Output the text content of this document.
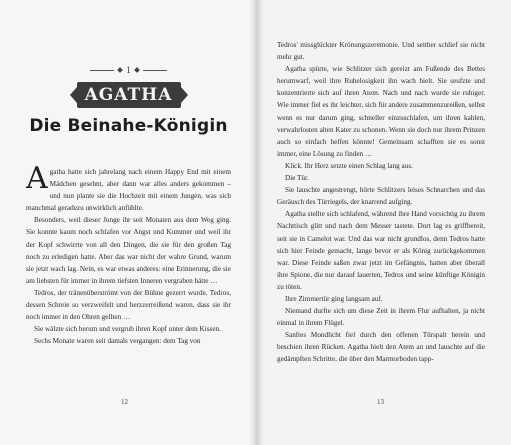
1
AGATHA
Die Beinahe-Königin

Agatha hatte sich jahrelang nach einem Happy End mit einem Mädchen gesehnt, aber dann war alles anders gekommen – und nun plante sie die Hochzeit mit einem Jungen, was sich manchmal geradezu unwirklich anfühlte.

Besonders, weil dieser Junge ihr seit Monaten aus dem Weg ging. Sie konnte kaum noch schlafen vor Angst und Kummer und weil ihr der Kopf schwirrte von all den Dingen, die sie für den großen Tag noch zu erledigen hatte. Aber das war nicht der wahre Grund, warum sie jetzt wach lag. Nein, es war etwas anderes: eine Erinnerung, die sie am liebsten für immer in ihrem tiefsten Inneren vergraben hätte …

Tedros, der tränenüberströmt von der Bühne gezerrt wurde. Tedros, dessen Schreie so verzweifelt und herzzerreißend waren, dass sie ihr noch immer in den Ohren gellten …

Sie wälzte sich herum und vergrub ihren Kopf unter dem Kissen.

Sechs Monate waren seit damals vergangen: dem Tag von

12

Tedros' missglückter Krönungszeremonie. Und seither schlief sie nicht mehr gut.

Agatha spürte, wie Schlitzer sich gereizt am Fußende des Bettes herumwarf, weil ihre Ruhelosigkeit ihn wach hielt. Sie seufzte und konzentrierte sich auf ihren Atem. Nach und nach wurde sie ruhiger. Wie immer fiel es ihr leichter, sich für andere zusammenzureißen, selbst wenn es nur darum ging, schneller einzuschlafen, um ihren kahlen, verwahrlosten alten Kater zu schonen. Wenn sie doch nur ihrem Prinzen auch so einfach helfen könnte! Gemeinsam schafften sie es sonst immer, eine Lösung zu finden …

Klick. Ihr Herz setzte einen Schlag lang aus.

Die Tür.

Sie lauschte angestrengt, hörte Schlitzers leises Schnarchen und das Geräusch des Türriegels, der knarrend aufging.

Agatha stellte sich schlafend, während ihre Hand vorsichtig zu ihrem Nachttisch glitt und nach dem Messer tastete. Dort lag es griffbereit, seit sie in Camelot war. Und das war nicht grundlos, denn Tedros hatte sich hier Feinde gemacht, lange bevor er als König zurückgekommen war. Diese Feinde saßen zwar jetzt im Gefängnis, hatten aber überall ihre Spione, die nur darauf lauerten, Tedros und seine künftige Königin zu töten.

Ihre Zimmertür ging langsam auf.

Niemand durfte sich um diese Zeit in ihrem Flur aufhalten, ja nicht einmal in ihrem Flügel.

Sanftes Mondlicht fiel durch den offenen Türspalt herein und beschien ihren Rücken. Agatha hielt den Atem an und lauschte auf die gedämpften Schritte, die über den Marmorboden tapp-

13
